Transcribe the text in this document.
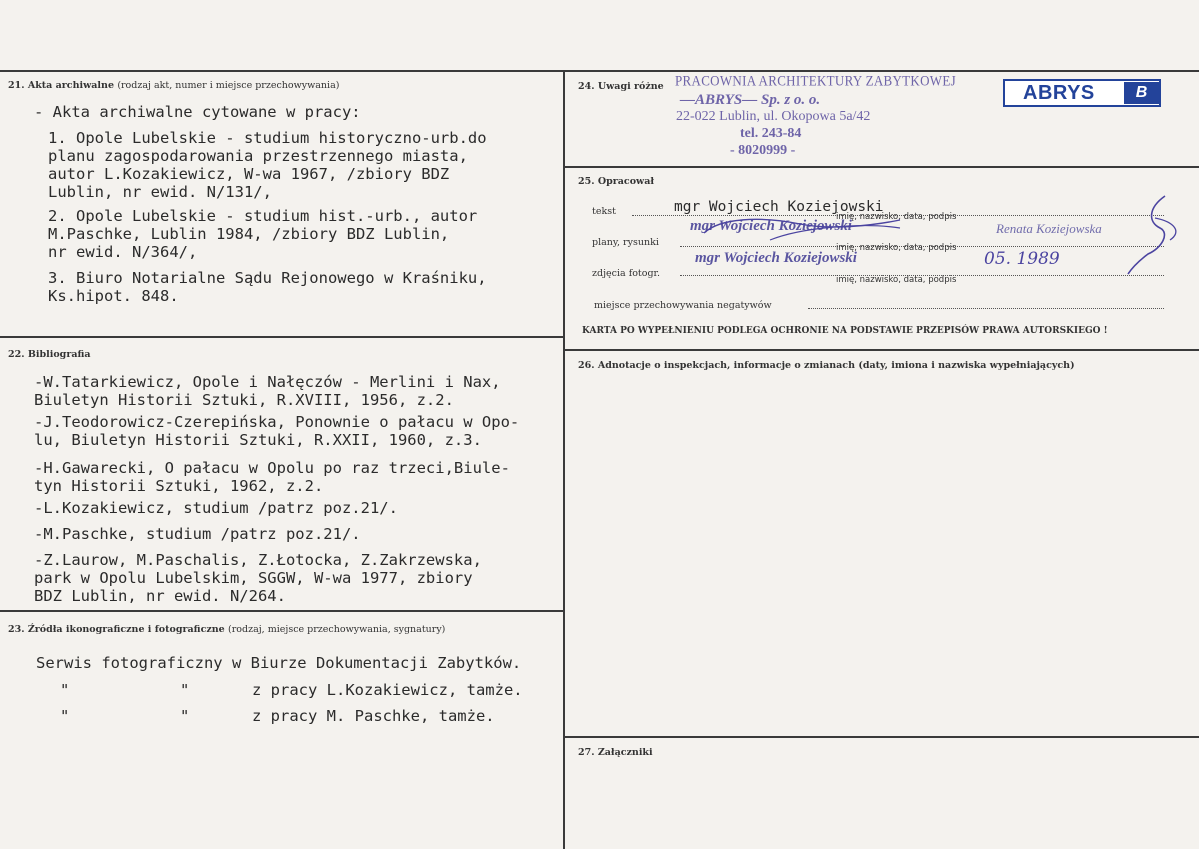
21. Akta archiwalne (rodzaj akt, numer i miejsce przechowywania)
- Akta archiwalne cytowane w pracy:
1. Opole Lubelskie - studium historyczno-urb.do
planu zagospodarowania przestrzennego miasta,
autor L.Kozakiewicz, W-wa 1967, /zbiory BDZ
Lublin, nr ewid. N/131/,
2. Opole Lubelskie - studium hist.-urb., autor
M.Paschke, Lublin 1984, /zbiory BDZ Lublin,
nr ewid. N/364/,
3. Biuro Notarialne Sądu Rejonowego w Kraśniku,
Ks.hipot. 848.
22. Bibliografia
-W.Tatarkiewicz, Opole i Nałęczów - Merlini i Nax,
Biuletyn Historii Sztuki, R.XVIII, 1956, z.2.
-J.Teodorowicz-Czerepińska, Ponownie o pałacu w Opo-
lu, Biuletyn Historii Sztuki, R.XXII, 1960, z.3.
-H.Gawarecki, O pałacu w Opolu po raz trzeci,Biule-
tyn Historii Sztuki, 1962, z.2.
-L.Kozakiewicz, studium /patrz poz.21/.
-M.Paschke, studium /patrz poz.21/.
-Z.Laurow, M.Paschalis, Z.Łotocka, Z.Zakrzewska,
park w Opolu Lubelskim, SGGW, W-wa 1977, zbiory
BDZ Lublin, nr ewid. N/264.
23. Źródła ikonograficzne i fotograficzne (rodzaj, miejsce przechowywania, sygnatury)
Serwis fotograficzny w Biurze Dokumentacji Zabytków.
"	"	z pracy L.Kozakiewicz, tamże.
"	"	z pracy M. Paschke, tamże.
24. Uwagi różne PRACOWNIA ARCHITEKTURY ZABYTKOWEJ
—ABRYS— Sp. z o. o.
22-022 Lublin, ul. Okopowa 5a/42
tel. 243-84
- 8020999 -
ABRYS	B
25. Opracował
tekst	mgr Wojciech Koziejowski
imię, nazwisko, data, podpis
plany, rysunki
mgr Wojciech Koziejowski	Renata Koziejowska
imię, nazwisko, data, podpis
zdjęcia fotogr.
mgr Wojciech Koziejowski	05. 1989
imię, nazwisko, data, podpis
miejsce przechowywania negatywów
KARTA PO WYPEŁNIENIU PODLEGA OCHRONIE NA PODSTAWIE PRZEPISÓW PRAWA AUTORSKIEGO !
26. Adnotacje o inspekcjach, informacje o zmianach (daty, imiona i nazwiska wypełniających)
27. Załączniki
